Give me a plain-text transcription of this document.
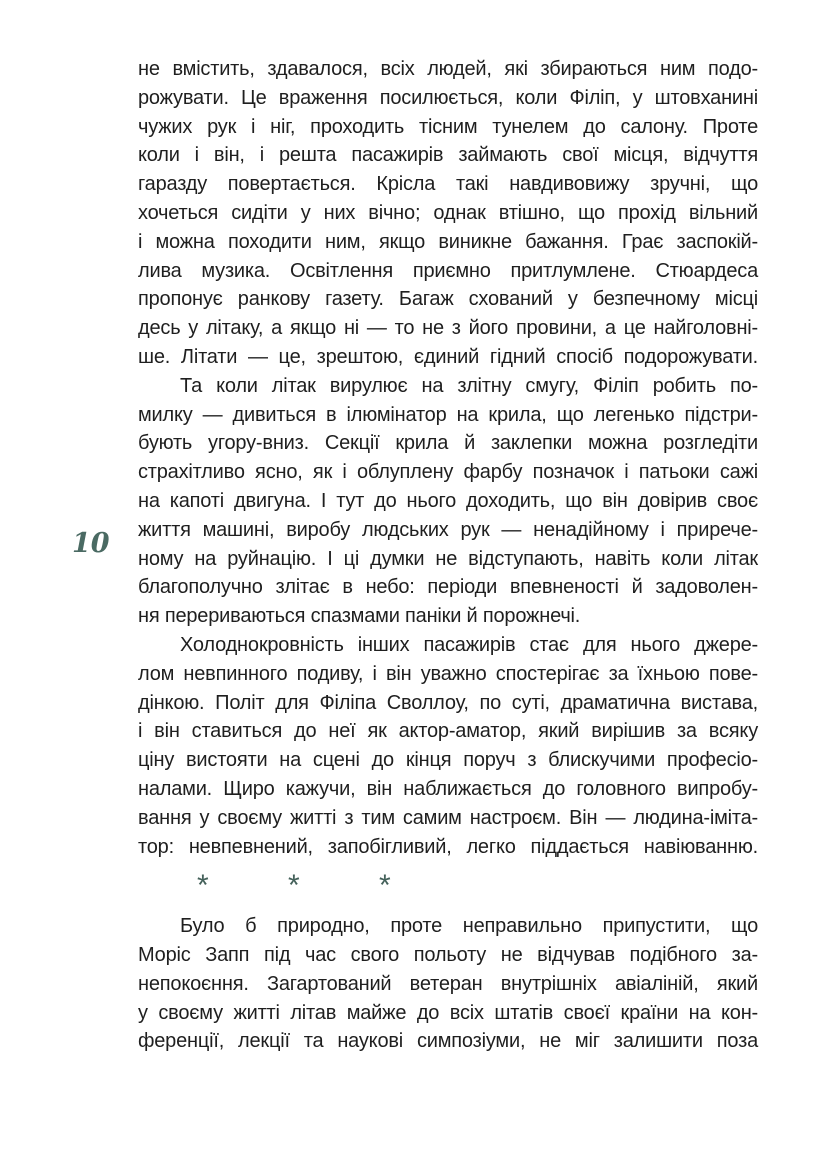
10
не вмістить, здавалося, всіх людей, які збираються ним подо-
рожувати. Це враження посилюється, коли Філіп, у штовханині
чужих рук і ніг, проходить тісним тунелем до салону. Проте
коли і він, і решта пасажирів займають свої місця, відчуття
гаразду повертається. Крісла такі навдивовижу зручні, що
хочеться сидіти у них вічно; однак втішно, що прохід вільний
і можна походити ним, якщо виникне бажання. Грає заспокій-
лива музика. Освітлення приємно притлумлене. Стюардеса
пропонує ранкову газету. Багаж схований у безпечному місці
десь у літаку, а якщо ні — то не з його провини, а це найголовні-
ше. Літати — це, зрештою, єдиний гідний спосіб подорожувати.
Та коли літак вирулює на злітну смугу, Філіп робить по-
милку — дивиться в ілюмінатор на крила, що легенько підстри-
бують угору-вниз. Секції крила й заклепки можна розгледіти
страхітливо ясно, як і облуплену фарбу позначок і патьоки сажі
на капоті двигуна. І тут до нього доходить, що він довірив своє
життя машині, виробу людських рук — ненадійному і прирече-
ному на руйнацію. І ці думки не відступають, навіть коли літак
благополучно злітає в небо: періоди впевненості й задоволен-
ня перериваються спазмами паніки й порожнечі.
Холоднокровність інших пасажирів стає для нього джере-
лом невпинного подиву, і він уважно спостерігає за їхньою пове-
дінкою. Політ для Філіпа Своллоу, по суті, драматична вистава,
і він ставиться до неї як актор-аматор, який вирішив за всяку
ціну вистояти на сцені до кінця поруч з блискучими професіо-
налами. Щиро кажучи, він наближається до головного випробу-
вання у своєму житті з тим самим настроєм. Він — людина-іміта-
тор: невпевнений, запобігливий, легко піддається навіюванню.
*	*	*
Було б природно, проте неправильно припустити, що
Моріс Запп під час свого польоту не відчував подібного за-
непокоєння. Загартований ветеран внутрішніх авіаліній, який
у своєму житті літав майже до всіх штатів своєї країни на кон-
ференції, лекції та наукові симпозіуми, не міг залишити поза
